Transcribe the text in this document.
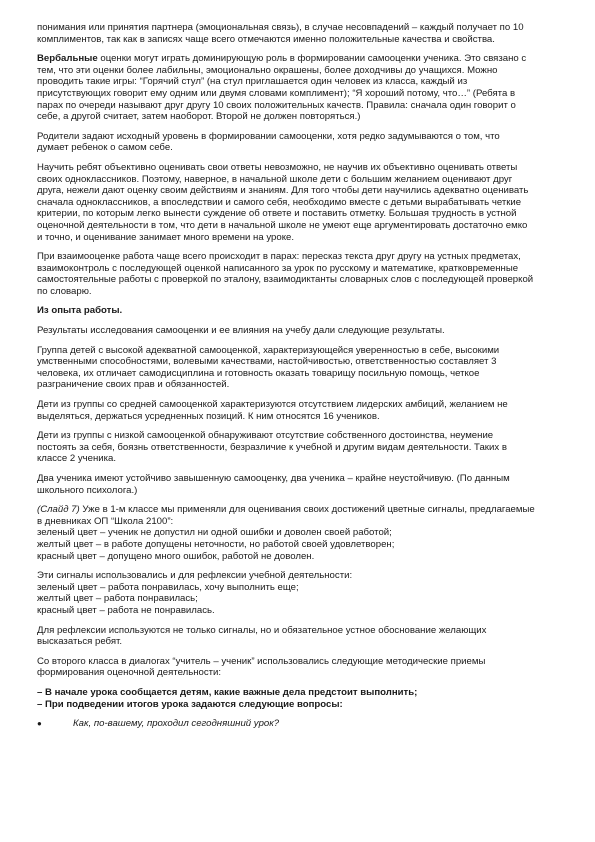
понимания или принятия партнера (эмоциональная связь), в случае несовпадений – каждый получает по 10
комплиментов, так как в записях чаще всего отмечаются именно положительные качества и свойства.

Вербальные оценки могут играть доминирующую роль в формировании самооценки ученика. Это связано с
тем, что эти оценки более лабильны, эмоционально окрашены, более доходчивы до учащихся. Можно
проводить такие игры: “Горячий стул” (на стул приглашается один человек из класса, каждый из
присутствующих говорит ему одним или двумя словами комплимент); “Я хороший потому, что…” (Ребята в
парах по очереди называют друг другу 10 своих положительных качеств. Правила: сначала один говорит о
себе, а другой считает, затем наоборот. Второй не должен повторяться.)

Родители задают исходный уровень в формировании самооценки, хотя редко задумываются о том, что
думает ребенок о самом себе.

Научить ребят объективно оценивать свои ответы невозможно, не научив их объективно оценивать ответы
своих одноклассников. Поэтому, наверное, в начальной школе дети с большим желанием оценивают друг
друга, нежели дают оценку своим действиям и знаниям. Для того чтобы дети научились адекватно оценивать
сначала одноклассников, а впоследствии и самого себя, необходимо вместе с детьми вырабатывать четкие
критерии, по которым легко вынести суждение об ответе и поставить отметку. Большая трудность в устной
оценочной деятельности в том, что дети в начальной школе не умеют еще аргументировать достаточно емко
и точно, и оценивание занимает много времени на уроке.

При взаимооценке работа чаще всего происходит в парах: пересказ текста друг другу на устных предметах,
взаимоконтроль с последующей оценкой написанного за урок по русскому и математике, кратковременные
самостоятельные работы с проверкой по эталону, взаимодиктанты словарных слов с последующей проверкой
по словарю.

Из опыта работы.

Результаты исследования самооценки и ее влияния на учебу дали следующие результаты.

Группа детей с высокой адекватной самооценкой, характеризующейся уверенностью в себе, высокими
умственными способностями, волевыми качествами, настойчивостью, ответственностью составляет 3
человека, их отличает самодисциплина и готовность оказать товарищу посильную помощь, четкое
разграничение своих прав и обязанностей.

Дети из группы со средней самооценкой характеризуются отсутствием лидерских амбиций, желанием не
выделяться, держаться усредненных позиций. К ним относятся 16 учеников.

Дети из группы с низкой самооценкой обнаруживают отсутствие собственного достоинства, неумение
постоять за себя, боязнь ответственности, безразличие к учебной и другим видам деятельности. Таких в
классе 2 ученика.

Два ученика имеют устойчиво завышенную самооценку, два ученика – крайне неустойчивую. (По данным
школьного психолога.)

(Слайд 7) Уже в 1-м классе мы применяли для оценивания своих достижений цветные сигналы, предлагаемые
в дневниках ОП “Школа 2100”:
зеленый цвет – ученик не допустил ни одной ошибки и доволен своей работой;
желтый цвет – в работе допущены неточности, но работой своей удовлетворен;
красный цвет – допущено много ошибок, работой не доволен.

Эти сигналы использовались и для рефлексии учебной деятельности:
зеленый цвет – работа понравилась, хочу выполнить еще;
желтый цвет – работа понравилась;
красный цвет – работа не понравилась.

Для рефлексии используются не только сигналы, но и обязательное устное обоснование желающих
высказаться ребят.

Со второго класса в диалогах “учитель – ученик” использовались следующие методические приемы
формирования оценочной деятельности:

– В начале урока сообщается детям, какие важные дела предстоит выполнить;
– При подведении итогов урока задаются следующие вопросы:

●	Как, по-вашему, проходил сегодняшний урок?
